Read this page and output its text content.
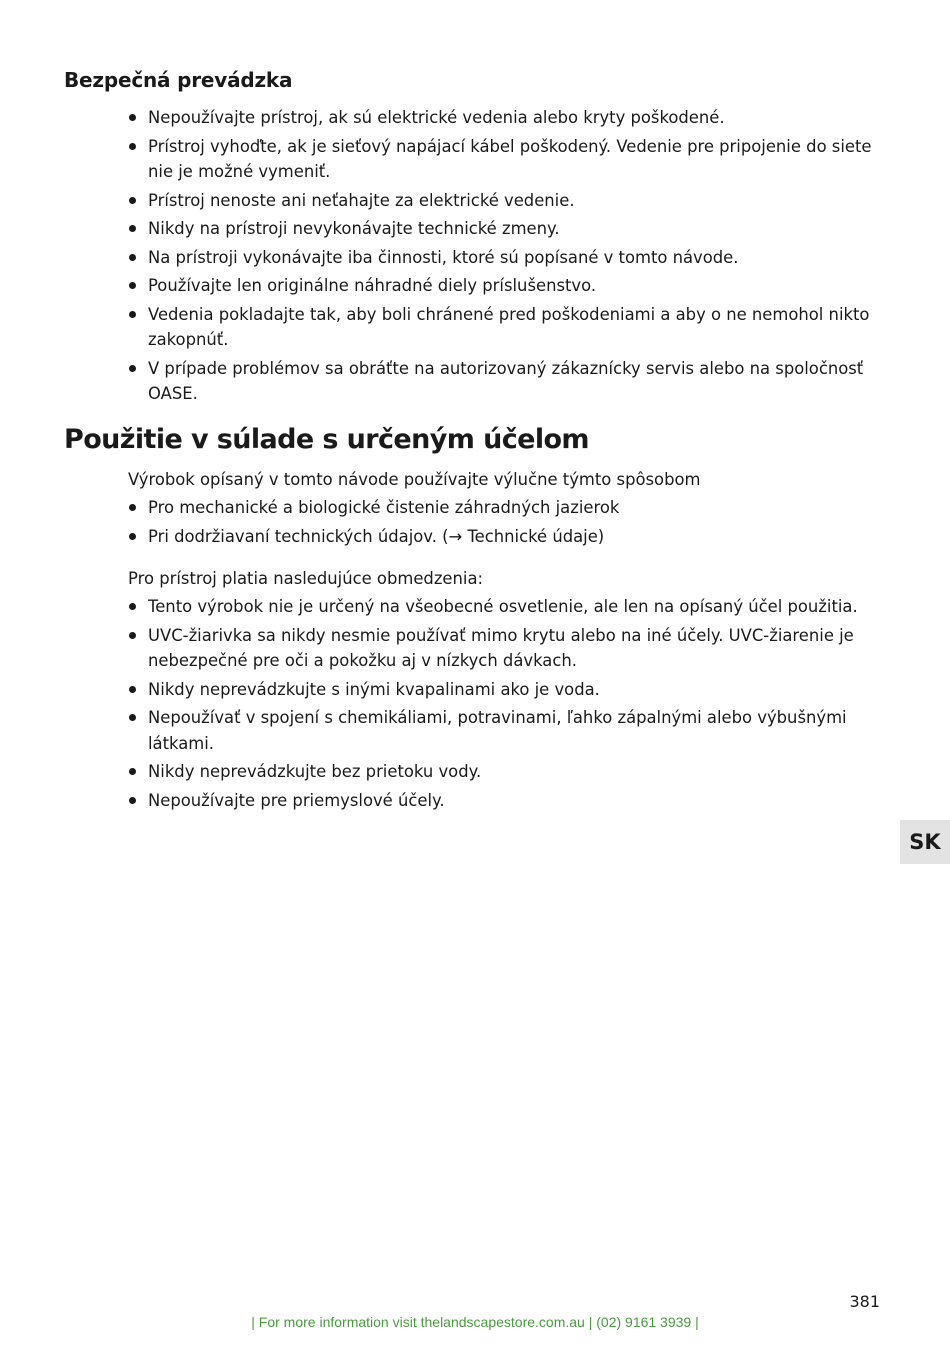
Bezpečná prevádzka
Nepoužívajte prístroj, ak sú elektrické vedenia alebo kryty poškodené.
Prístroj vyhoďte, ak je sieťový napájací kábel poškodený. Vedenie pre pripojenie do siete nie je možné vymeniť.
Prístroj nenoste ani neťahajte za elektrické vedenie.
Nikdy na prístroji nevykonávajte technické zmeny.
Na prístroji vykonávajte iba činnosti, ktoré sú popísané v tomto návode.
Používajte len originálne náhradné diely príslušenstvo.
Vedenia pokladajte tak, aby boli chránené pred poškodeniami a aby o ne nemohol nikto zakopnúť.
V prípade problémov sa obráťte na autorizovaný zákaznícky servis alebo na spoločnosť OASE.
Použitie v súlade s určeným účelom

Výrobok opísaný v tomto návode používajte výlučne týmto spôsobom

Pro mechanické a biologické čistenie záhradných jazierok
Pri dodržiavaní technických údajov. (→ Technické údaje)

Pro prístroj platia nasledujúce obmedzenia:

Tento výrobok nie je určený na všeobecné osvetlenie, ale len na opísaný účel použitia.
UVC-žiarivka sa nikdy nesmie používať mimo krytu alebo na iné účely. UVC-žiarenie je nebezpečné pre oči a pokožku aj v nízkych dávkach.
Nikdy neprevádzkujte s inými kvapalinami ako je voda.
Nepoužívať v spojení s chemikáliami, potravinami, ľahko zápalnými alebo výbušnými látkami.
Nikdy neprevádzkujte bez prietoku vody.
Nepoužívajte pre priemyslové účely.
SK
381
| For more information visit thelandscapestore.com.au | (02) 9161 3939 |
